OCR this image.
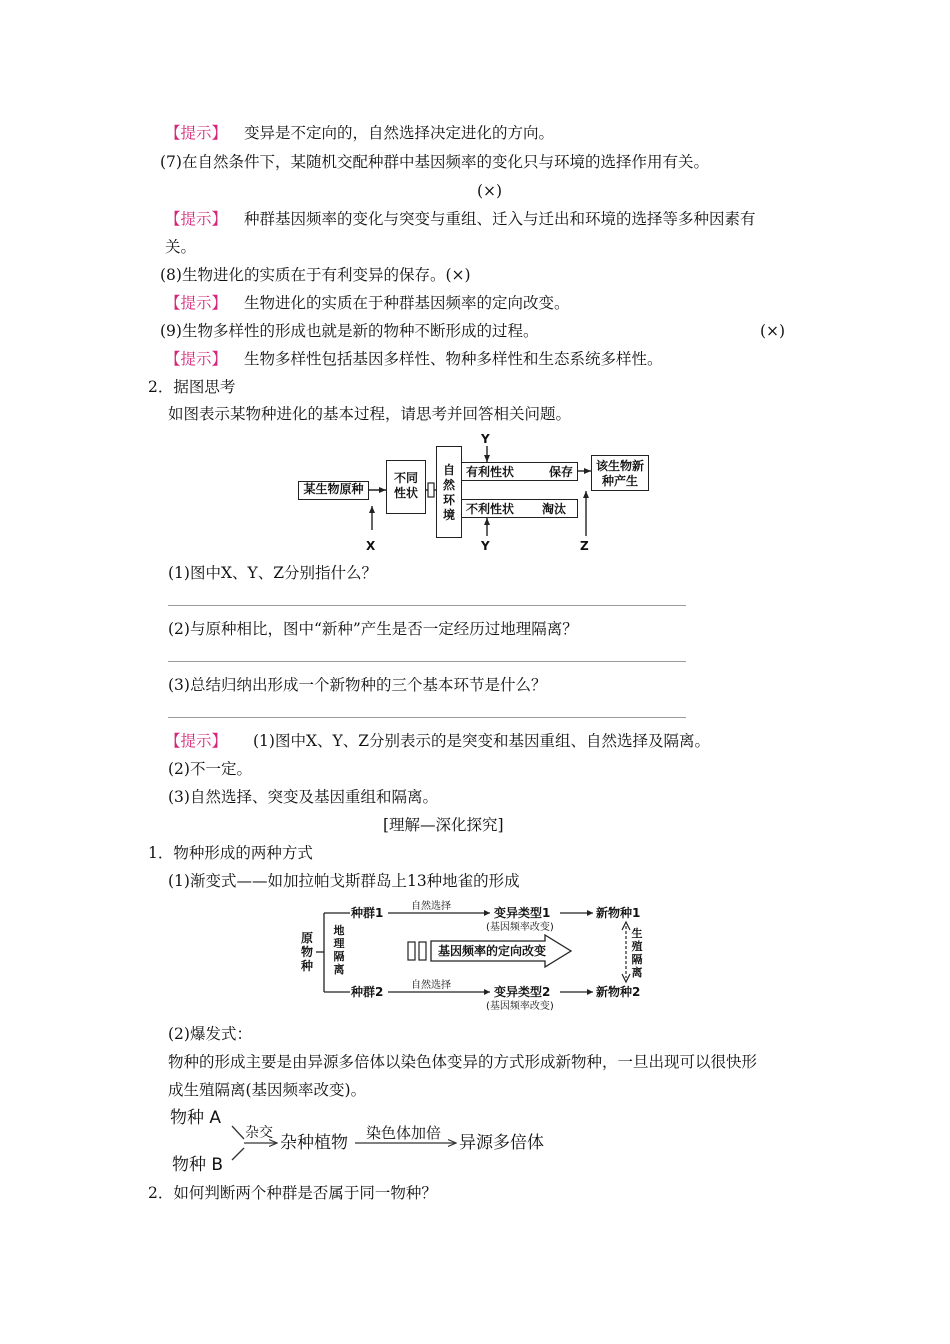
【提示】 变异是不定向的，自然选择决定进化的方向。
(7)在自然条件下，某随机交配种群中基因频率的变化只与环境的选择作用有关。
(×)
【提示】 种群基因频率的变化与突变与重组、迁入与迁出和环境的选择等多种因素有
关。
(8)生物进化的实质在于有利变异的保存。(×)
【提示】 生物进化的实质在于种群基因频率的定向改变。
(9)生物多样性的形成也就是新的物种不断形成的过程。	(×)
【提示】 生物多样性包括基因多样性、物种多样性和生态系统多样性。
2．据图思考
如图表示某物种进化的基本过程，请思考并回答相关问题。
某生物原种
不同
性状
自
然
环
境
有利性状	保存
不利性状 淘汰
该生物新
种产生
Y
X	Y	Z
(1)图中X、Y、Z分别指什么？
(2)与原种相比，图中“新种”产生是否一定经历过地理隔离？
(3)总结归纳出形成一个新物种的三个基本环节是什么？
【提示】 (1)图中X、Y、Z分别表示的是突变和基因重组、自然选择及隔离。
(2)不一定。
(3)自然选择、突变及基因重组和隔离。
[理解—深化探究]
1．物种形成的两种方式
(1)渐变式——如加拉帕戈斯群岛上13种地雀的形成
原
物
种
地
理
隔
离
种群1	自然选择	变异类型1
(基因频率改变)
新物种1
基因频率的定向改变
生
殖
隔
离
种群2	自然选择	变异类型2
(基因频率改变)
新物种2
(2)爆发式：
物种的形成主要是由异源多倍体以染色体变异的方式形成新物种，一旦出现可以很快形
成生殖隔离(基因频率改变)。
物种 A
物种 B
杂交 杂种植物 染色体加倍 异源多倍体
2．如何判断两个种群是否属于同一物种？
